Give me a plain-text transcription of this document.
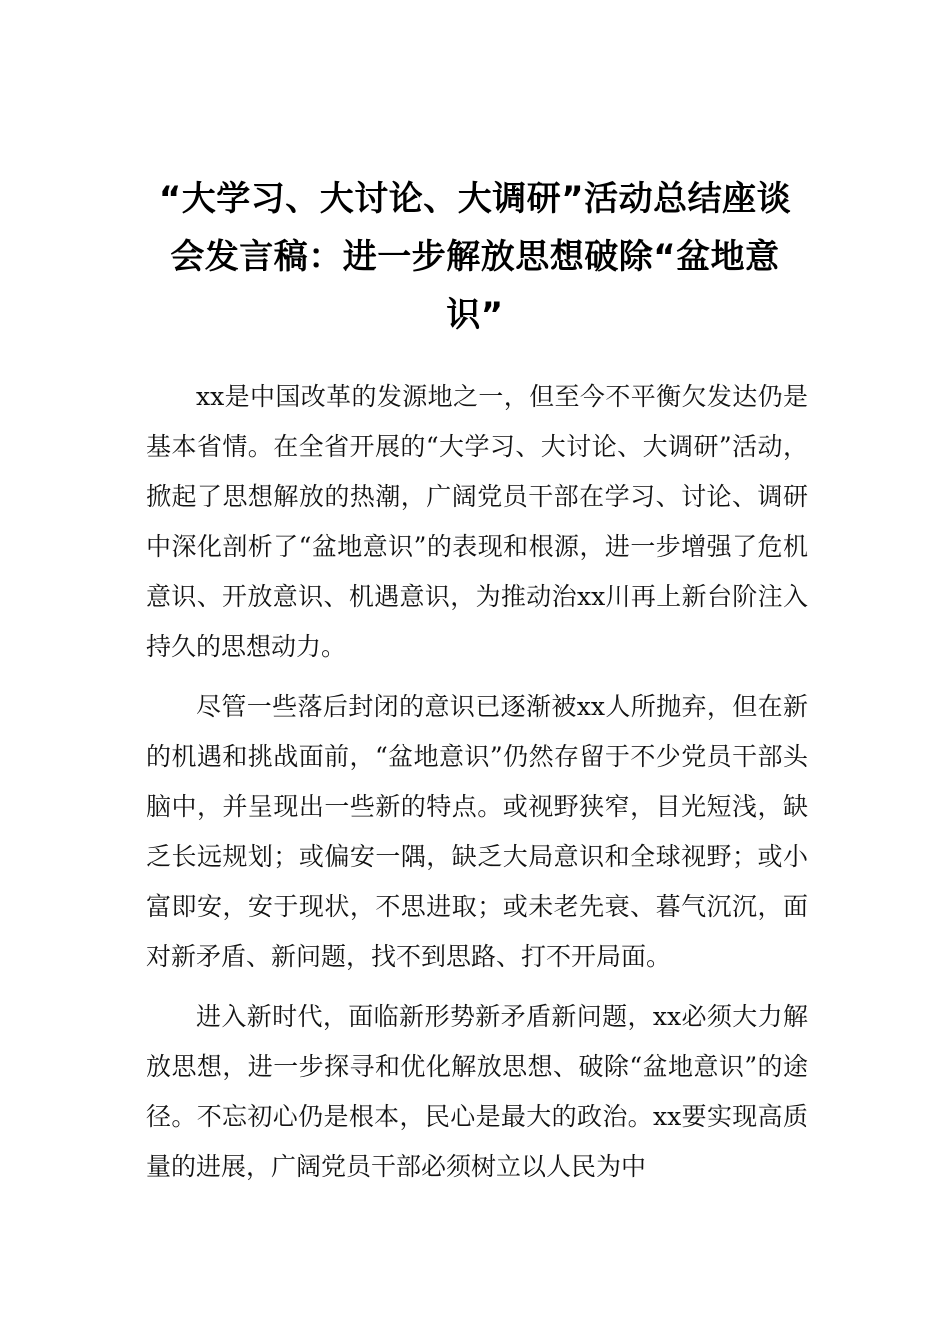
“大学习、大讨论、大调研”活动总结座谈
会发言稿：进一步解放思想破除“盆地意
识”

xx是中国改革的发源地之一，但至今不平衡欠发达仍是基本省情。在全省开展的“大学习、大讨论、大调研”活动，掀起了思想解放的热潮，广阔党员干部在学习、讨论、调研中深化剖析了“盆地意识”的表现和根源，进一步增强了危机意识、开放意识、机遇意识，为推动治xx川再上新台阶注入持久的思想动力。

尽管一些落后封闭的意识已逐渐被xx人所抛弃，但在新的机遇和挑战面前，“盆地意识”仍然存留于不少党员干部头脑中，并呈现出一些新的特点。或视野狭窄，目光短浅，缺乏长远规划；或偏安一隅，缺乏大局意识和全球视野；或小富即安，安于现状，不思进取；或未老先衰、暮气沉沉，面对新矛盾、新问题，找不到思路、打不开局面。

进入新时代，面临新形势新矛盾新问题，xx必须大力解放思想，进一步探寻和优化解放思想、破除“盆地意识”的途径。不忘初心仍是根本，民心是最大的政治。xx要实现高质量的进展，广阔党员干部必须树立以人民为中
